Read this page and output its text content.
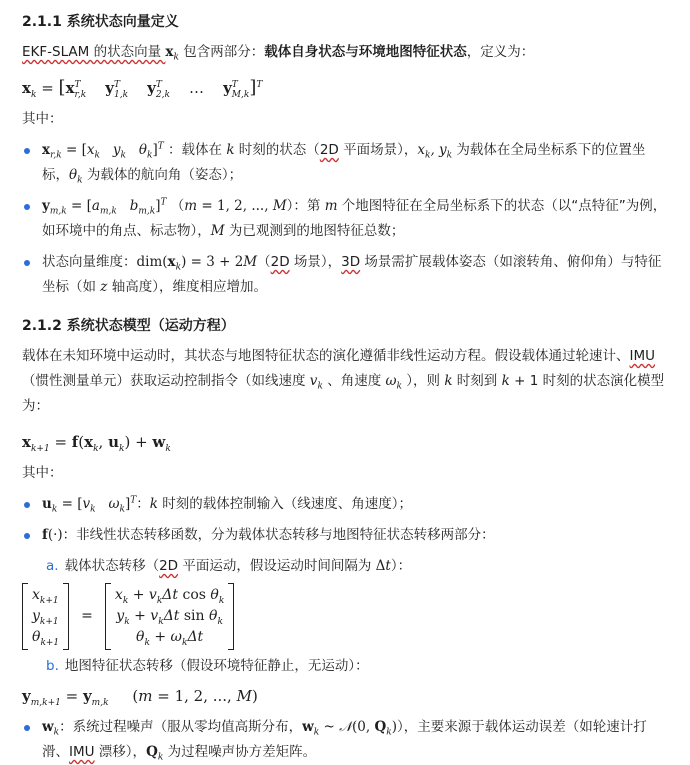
2.1.1 系统状态向量定义

EKF-SLAM 的状态向量 $x_k$ 包含两部分：载体自身状态与环境地图特征状态，定义为：

$x_k = [x^T_{r,k}$ $y^T_{1,k}$ $y^T_{2,k}$ … $y^T_{M,k}]^T$

其中：

$x_{r,k} = [x_k$ $y_k$ $\theta_k]^T$ ：载体在 k 时刻的状态（2D 平面场景），$x_k$, $y_k$ 为载体在全局坐标系下的位置坐标，$\theta_k$ 为载体的航向角（姿态）；
$y_{m,k} = [a_{m,k}$ $b_{m,k}]^T$ （m = 1, 2, ..., M）：第 m 个地图特征在全局坐标系下的状态（以“点特征”为例，如环境中的角点、标志物），M 为已观测到的地图特征总数；
状态向量维度：$dim(x_k) = 3 + 2M(2D$ 场景），3D 场景需扩展载体姿态（如滚转角、俯仰角）与特征坐标（如 z 轴高度），维度相应增加。
2.1.2 系统状态模型（运动方程）

载体在未知环境中运动时，其状态与地图特征状态的演化遵循非线性运动方程。假设载体通过轮速计、IMU（惯性测量单元）获取运动控制指令（如线速度 $v_k$ 、角速度 $\omega_k$ ），则 k 时刻到 k + 1 时刻的状态演化模型为：

$x_{k+1} = f(x_k$, $u_k) + w_k$

其中：

$u_k = [v_k$ $\omega_k]^T$：k 时刻的载体控制输入（线速度、角速度）；
f(·)：非线性状态转移函数，分为载体状态转移与地图特征状态转移两部分：
a. 载体状态转移（2D 平面运动，假设运动时间间隔为 Δt）：
$x_{k+1}$
$y_{k+1}$
$\theta_{k+1}$
=
$x_k + v_k\Delta t$ $\cos \theta_k$
$y_k + v_k\Delta t$ $\sin \theta_k$
$\theta_k + \omega_k\Delta t$
b. 地图特征状态转移（假设环境特征静止，无运动）：
$y_{m,k+1} = y_{m,k}$ (m = 1, 2, ..., M)
$w_k$：系统过程噪声（服从零均值高斯分布，$w_k$ ~ 𝒩(0, $Q_k$)），主要来源于载体运动误差（如轮速计打滑、IMU 漂移），$Q_k$ 为过程噪声协方差矩阵。
